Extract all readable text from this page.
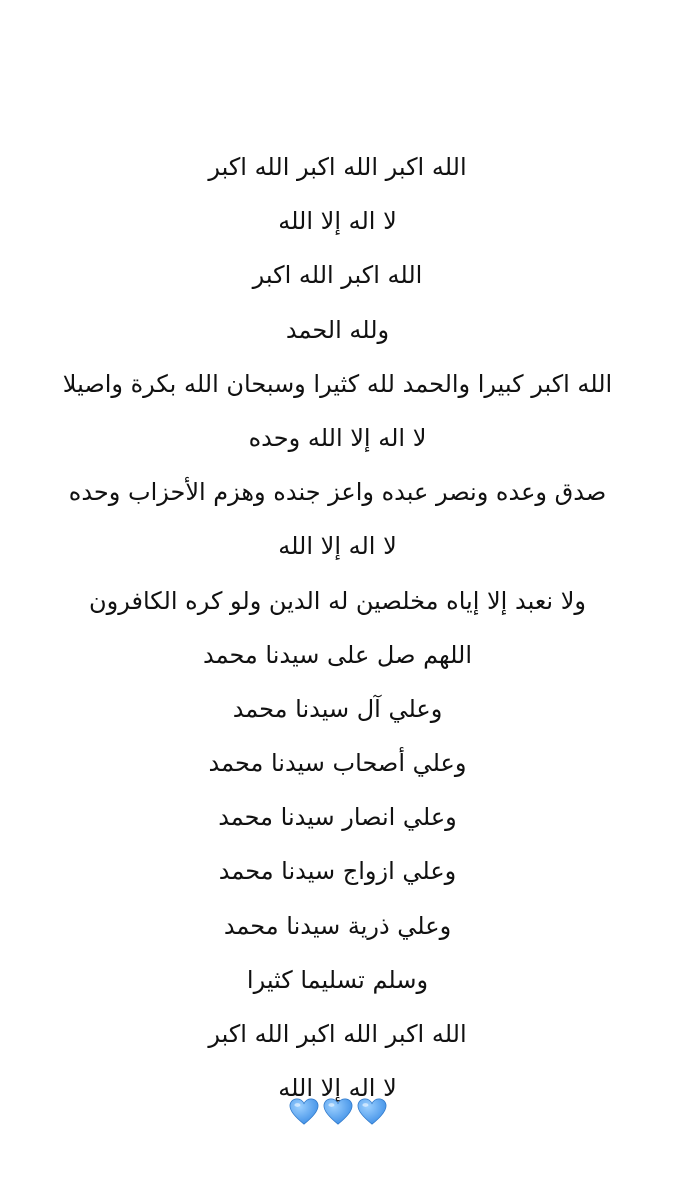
الله اكبر الله اكبر الله اكبر
لا اله إلا الله
الله اكبر الله اكبر
ولله الحمد
الله اكبر كبيرا والحمد لله كثيرا وسبحان الله بكرة واصيلا
لا اله إلا الله وحده
صدق وعده ونصر عبده واعز جنده وهزم الأحزاب وحده
لا اله إلا الله
ولا نعبد إلا إياه مخلصين له الدين ولو كره الكافرون
اللهم صل على سيدنا محمد
وعلي آل سيدنا محمد
وعلي أصحاب سيدنا محمد
وعلي انصار سيدنا محمد
وعلي ازواج سيدنا محمد
وعلي ذرية سيدنا محمد
وسلم تسليما كثيرا
الله اكبر الله اكبر الله اكبر
لا اله إلا الله
